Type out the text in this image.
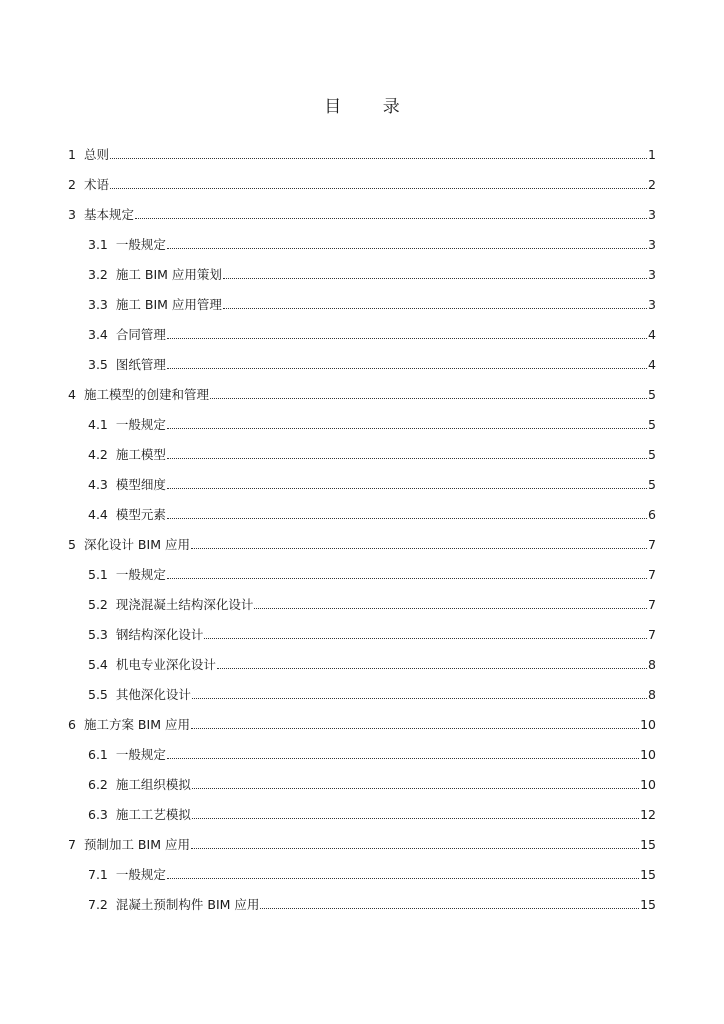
目 录
1 总则	1
2 术语	2
3 基本规定	3
3.1 一般规定	3
3.2 施工 BIM 应用策划	3
3.3 施工 BIM 应用管理	3
3.4 合同管理	4
3.5 图纸管理	4
4 施工模型的创建和管理	5
4.1 一般规定	5
4.2 施工模型	5
4.3 模型细度	5
4.4 模型元素	6
5 深化设计 BIM 应用	7
5.1 一般规定	7
5.2 现浇混凝土结构深化设计	7
5.3 钢结构深化设计	7
5.4 机电专业深化设计	8
5.5 其他深化设计	8
6 施工方案 BIM 应用	10
6.1 一般规定	10
6.2 施工组织模拟	10
6.3 施工工艺模拟	12
7 预制加工 BIM 应用	15
7.1 一般规定	15
7.2 混凝土预制构件 BIM 应用	15
